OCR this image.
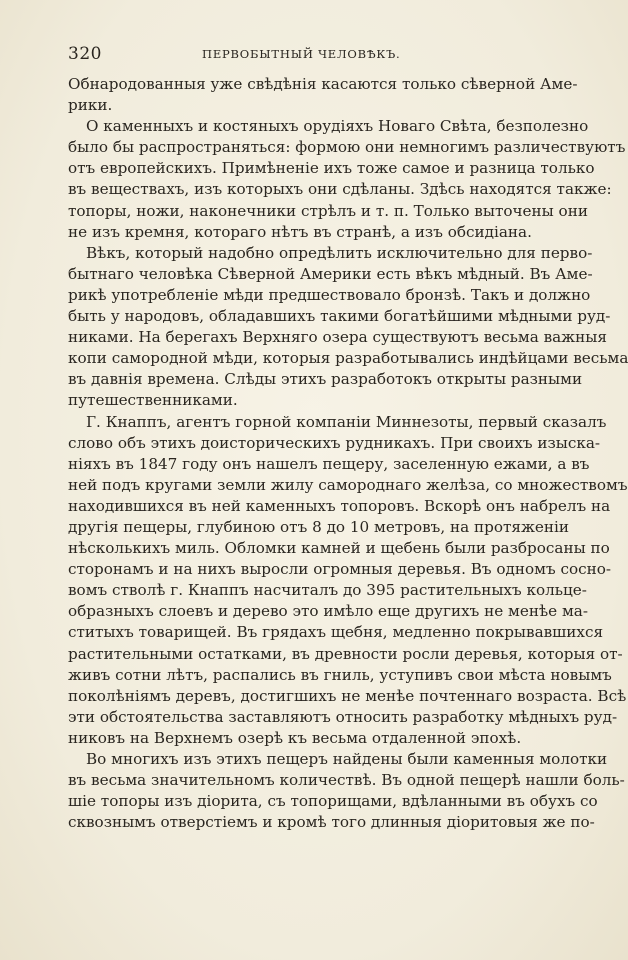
320	ПЕРВОБЫТНЫЙ ЧЕЛОВѢКЪ.
Обнародованныя уже свѣдѣнія касаются только сѣверной Аме-
рики.
О каменныхъ и костяныхъ орудіяхъ Новаго Свѣта, безполезно
было бы распространяться: формою они немногимъ различествуютъ
отъ европейскихъ. Примѣненіе ихъ тоже самое и разница только
въ веществахъ, изъ которыхъ они сдѣланы. Здѣсь находятся также:
топоры, ножи, наконечники стрѣлъ и т. п. Только выточены они
не изъ кремня, котораго нѣтъ въ странѣ, а изъ обсидіана.
Вѣкъ, который надобно опредѣлить исключительно для перво-
бытнаго человѣка Сѣверной Америки есть вѣкъ мѣдный. Въ Аме-
рикѣ употребленіе мѣди предшествовало бронзѣ. Такъ и должно
быть у народовъ, обладавшихъ такими богатѣйшими мѣдными руд-
никами. На берегахъ Верхняго озера существуютъ весьма важныя
копи самородной мѣди, которыя разработывались индѣйцами весьма
въ давнія времена. Слѣды этихъ разработокъ открыты разными
путешественниками.
Г. Кнаппъ, агентъ горной компаніи Миннезоты, первый сказалъ
слово объ этихъ доисторическихъ рудникахъ. При своихъ изыска-
ніяхъ въ 1847 году онъ нашелъ пещеру, заселенную ежами, а въ
ней подъ кругами земли жилу самороднаго желѣза, со множествомъ
находившихся въ ней каменныхъ топоровъ. Вскорѣ онъ набрелъ на
другія пещеры, глубиною отъ 8 до 10 метровъ, на протяженіи
нѣсколькихъ миль. Обломки камней и щебень были разбросаны по
сторонамъ и на нихъ выросли огромныя деревья. Въ одномъ сосно-
вомъ стволѣ г. Кнаппъ насчиталъ до 395 растительныхъ кольце-
образныхъ слоевъ и дерево это имѣло еще другихъ не менѣе ма-
ститыхъ товарищей. Въ грядахъ щебня, медленно покрывавшихся
растительными остатками, въ древности росли деревья, которыя от-
живъ сотни лѣтъ, распались въ гниль, уступивъ свои мѣста новымъ
поколѣніямъ деревъ, достигшихъ не менѣе почтеннаго возраста. Всѣ
эти обстоятельства заставляютъ относить разработку мѣдныхъ руд-
никовъ на Верхнемъ озерѣ къ весьма отдаленной эпохѣ.
Во многихъ изъ этихъ пещеръ найдены были каменныя молотки
въ весьма значительномъ количествѣ. Въ одной пещерѣ нашли боль-
шіе топоры изъ діорита, съ топорищами, вдѣланными въ обухъ со
сквознымъ отверстіемъ и кромѣ того длинныя діоритовыя же по-
